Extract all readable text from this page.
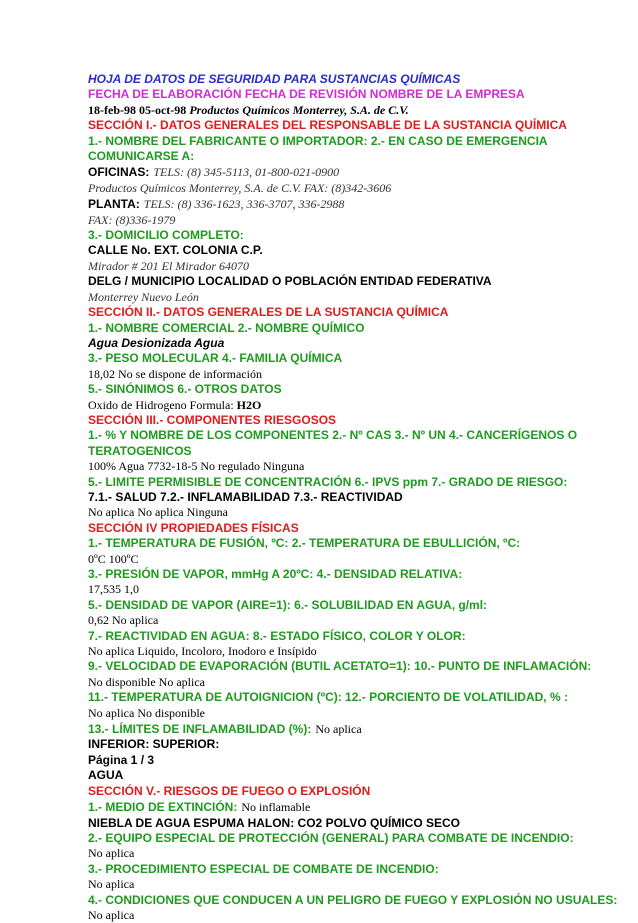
HOJA DE DATOS DE SEGURIDAD PARA SUSTANCIAS QUÍMICAS
FECHA DE ELABORACIÓN FECHA DE REVISIÓN NOMBRE DE LA EMPRESA
18-feb-98 05-oct-98 Productos Químicos Monterrey, S.A. de C.V.
SECCIÓN I.- DATOS GENERALES DEL RESPONSABLE DE LA SUSTANCIA QUÍMICA
1.- NOMBRE DEL FABRICANTE O IMPORTADOR: 2.- EN CASO DE EMERGENCIA COMUNICARSE A:
OFICINAS: TELS: (8) 345-5113, 01-800-021-0900
Productos Químicos Monterrey, S.A. de C.V. FAX: (8)342-3606
PLANTA: TELS: (8) 336-1623, 336-3707, 336-2988
FAX: (8)336-1979
3.- DOMICILIO COMPLETO:
CALLE No. EXT. COLONIA C.P.
Mirador # 201 El Mirador 64070
DELG / MUNICIPIO LOCALIDAD O POBLACIÓN ENTIDAD FEDERATIVA
Monterrey Nuevo León
SECCIÓN II.- DATOS GENERALES DE LA SUSTANCIA QUÍMICA
1.- NOMBRE COMERCIAL 2.- NOMBRE QUÍMICO
Agua Desionizada Agua
3.- PESO MOLECULAR 4.- FAMILIA QUÍMICA
18,02 No se dispone de información
5.- SINÓNIMOS 6.- OTROS DATOS
Oxido de Hidrogeno Formula: H2O
SECCIÓN III.- COMPONENTES RIESGOSOS
1.- % Y NOMBRE DE LOS COMPONENTES 2.- Nº CAS 3.- Nº UN 4.- CANCERÍGENOS O TERATOGENICOS
100% Agua 7732-18-5 No regulado Ninguna
5.- LIMITE PERMISIBLE DE CONCENTRACIÓN 6.- IPVS ppm 7.- GRADO DE RIESGO:
7.1.- SALUD 7.2.- INFLAMABILIDAD 7.3.- REACTIVIDAD
No aplica No aplica Ninguna
SECCIÓN IV PROPIEDADES FÍSICAS
1.- TEMPERATURA DE FUSIÓN, ºC: 2.- TEMPERATURA DE EBULLICIÓN, ºC:
0ºC 100ºC
3.- PRESIÓN DE VAPOR, mmHg A 20ºC: 4.- DENSIDAD RELATIVA:
17,535 1,0
5.- DENSIDAD DE VAPOR (AIRE=1): 6.- SOLUBILIDAD EN AGUA, g/ml:
0,62 No aplica
7.- REACTIVIDAD EN AGUA: 8.- ESTADO FÍSICO, COLOR Y OLOR:
No aplica Liquido, Incoloro, Inodoro e Insípido
9.- VELOCIDAD DE EVAPORACIÓN (BUTIL ACETATO=1): 10.- PUNTO DE INFLAMACIÓN:
No disponible No aplica
11.- TEMPERATURA DE AUTOIGNICION (ºC): 12.- PORCIENTO DE VOLATILIDAD, % :
No aplica No disponible
13.- LÍMITES DE INFLAMABILIDAD (%): No aplica
INFERIOR: SUPERIOR:
Página 1 / 3
AGUA
SECCIÓN V.- RIESGOS DE FUEGO O EXPLOSIÓN
1.- MEDIO DE EXTINCIÓN: No inflamable
NIEBLA DE AGUA ESPUMA HALON: CO2 POLVO QUÍMICO SECO
2.- EQUIPO ESPECIAL DE PROTECCIÓN (GENERAL) PARA COMBATE DE INCENDIO:
No aplica
3.- PROCEDIMIENTO ESPECIAL DE COMBATE DE INCENDIO:
No aplica
4.- CONDICIONES QUE CONDUCEN A UN PELIGRO DE FUEGO Y EXPLOSIÓN NO USUALES:
No aplica
